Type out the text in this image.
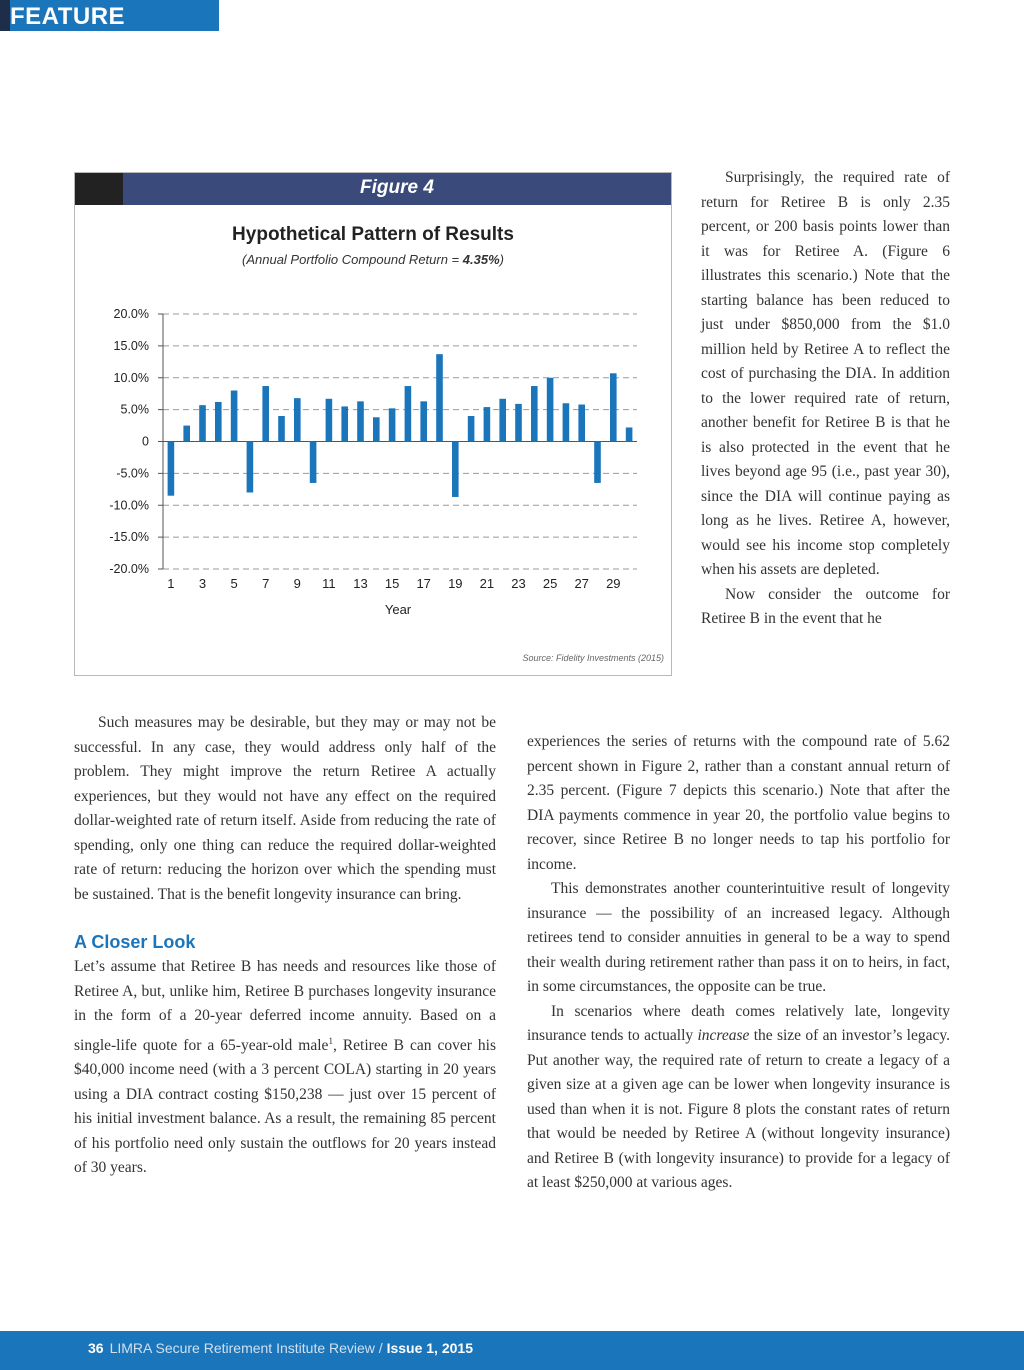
FEATURE
Figure 4
Hypothetical Pattern of Results
(Annual Portfolio Compound Return = 4.35%)
20.0%
15.0%
10.0%
5.0%
0
-5.0%
-10.0%
-15.0%
-20.0%
1 3 5 7 9 11 13 15 17 19 21 23 25 27 29
Year
Source: Fidelity Investments (2015)

Surprisingly, the required rate of return for Retiree B is only 2.35 percent, or 200 basis points lower than it was for Retiree A. (Figure 6 illustrates this scenario.) Note that the starting balance has been reduced to just under $850,000 from the $1.0 million held by Retiree A to reflect the cost of purchasing the DIA. In addition to the lower required rate of return, another benefit for Retiree B is that he is also protected in the event that he lives beyond age 95 (i.e., past year 30), since the DIA will continue paying as long as he lives. Retiree A, however, would see his income stop completely when his assets are depleted.

Now consider the outcome for Retiree B in the event that he

experiences the series of returns with the compound rate of 5.62 percent shown in Figure 2, rather than a constant annual return of 2.35 percent. (Figure 7 depicts this scenario.) Note that after the DIA payments commence in year 20, the portfolio value begins to recover, since Retiree B no longer needs to tap his portfolio for income.

This demonstrates another counterintuitive result of longevity insurance — the possibility of an increased legacy. Although retirees tend to consider annuities in general to be a way to spend their wealth during retirement rather than pass it on to heirs, in fact, in some circumstances, the opposite can be true.

In scenarios where death comes relatively late, longevity insurance tends to actually increase the size of an investor’s legacy. Put another way, the required rate of return to create a legacy of a given size at a given age can be lower when longevity insurance is used than when it is not. Figure 8 plots the constant rates of return that would be needed by Retiree A (without longevity insurance) and Retiree B (with longevity insurance) to provide for a legacy of at least $250,000 at various ages.

Such measures may be desirable, but they may or may not be successful. In any case, they would address only half of the problem. They might improve the return Retiree A actually experiences, but they would not have any effect on the required dollar-weighted rate of return itself. Aside from reducing the rate of spending, only one thing can reduce the required dollar-weighted rate of return: reducing the horizon over which the spending must be sustained. That is the benefit longevity insurance can bring.

A Closer Look

Let’s assume that Retiree B has needs and resources like those of Retiree A, but, unlike him, Retiree B purchases longevity insurance in the form of a 20-year deferred income annuity. Based on a single-life quote for a 65-year-old male$^1$, Retiree B can cover his $40,000 income need (with a 3 percent COLA) starting in 20 years using a DIA contract costing $150,238 — just over 15 percent of his initial investment balance. As a result, the remaining 85 percent of his portfolio need only sustain the outflows for 20 years instead of 30 years.

36 LIMRA Secure Retirement Institute Review / Issue 1, 2015
